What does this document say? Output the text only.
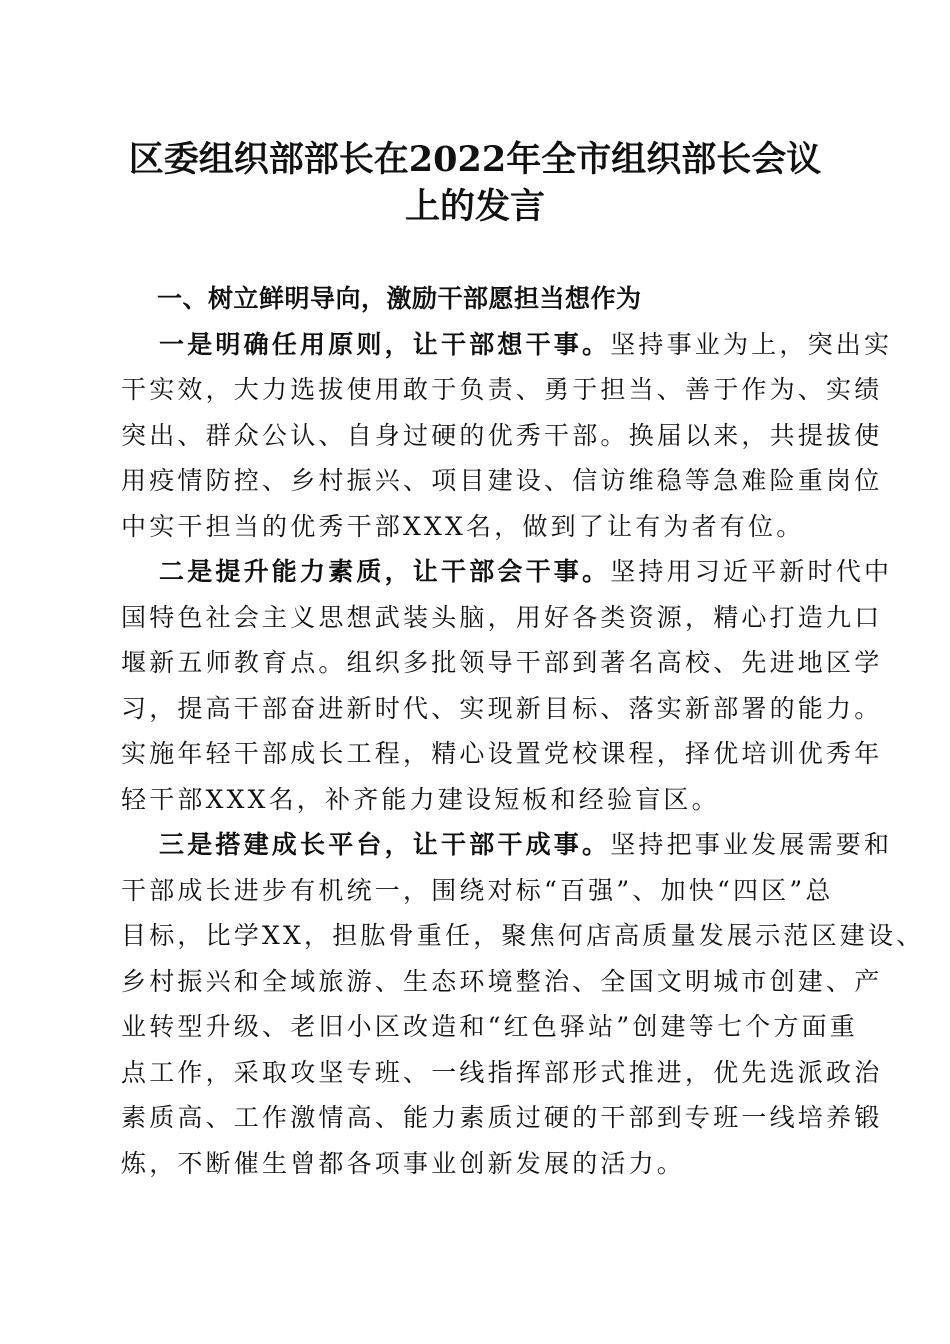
区委组织部部长在2022年全市组织部长会议
上的发言
一、树立鲜明导向，激励干部愿担当想作为
一是明确任用原则，让干部想干事。坚持事业为上，突出实
干实效，大力选拔使用敢于负责、勇于担当、善于作为、实绩
突出、群众公认、自身过硬的优秀干部。换届以来，共提拔使
用疫情防控、乡村振兴、项目建设、信访维稳等急难险重岗位
中实干担当的优秀干部XXX名，做到了让有为者有位。
二是提升能力素质，让干部会干事。坚持用习近平新时代中
国特色社会主义思想武装头脑，用好各类资源，精心打造九口
堰新五师教育点。组织多批领导干部到著名高校、先进地区学
习，提高干部奋进新时代、实现新目标、落实新部署的能力。
实施年轻干部成长工程，精心设置党校课程，择优培训优秀年
轻干部XXX名，补齐能力建设短板和经验盲区。
三是搭建成长平台，让干部干成事。坚持把事业发展需要和
干部成长进步有机统一，围绕对标“百强”、加快“四区”总
目标，比学XX，担肱骨重任，聚焦何店高质量发展示范区建设、
乡村振兴和全域旅游、生态环境整治、全国文明城市创建、产
业转型升级、老旧小区改造和“红色驿站”创建等七个方面重
点工作，采取攻坚专班、一线指挥部形式推进，优先选派政治
素质高、工作激情高、能力素质过硬的干部到专班一线培养锻
炼，不断催生曾都各项事业创新发展的活力。
